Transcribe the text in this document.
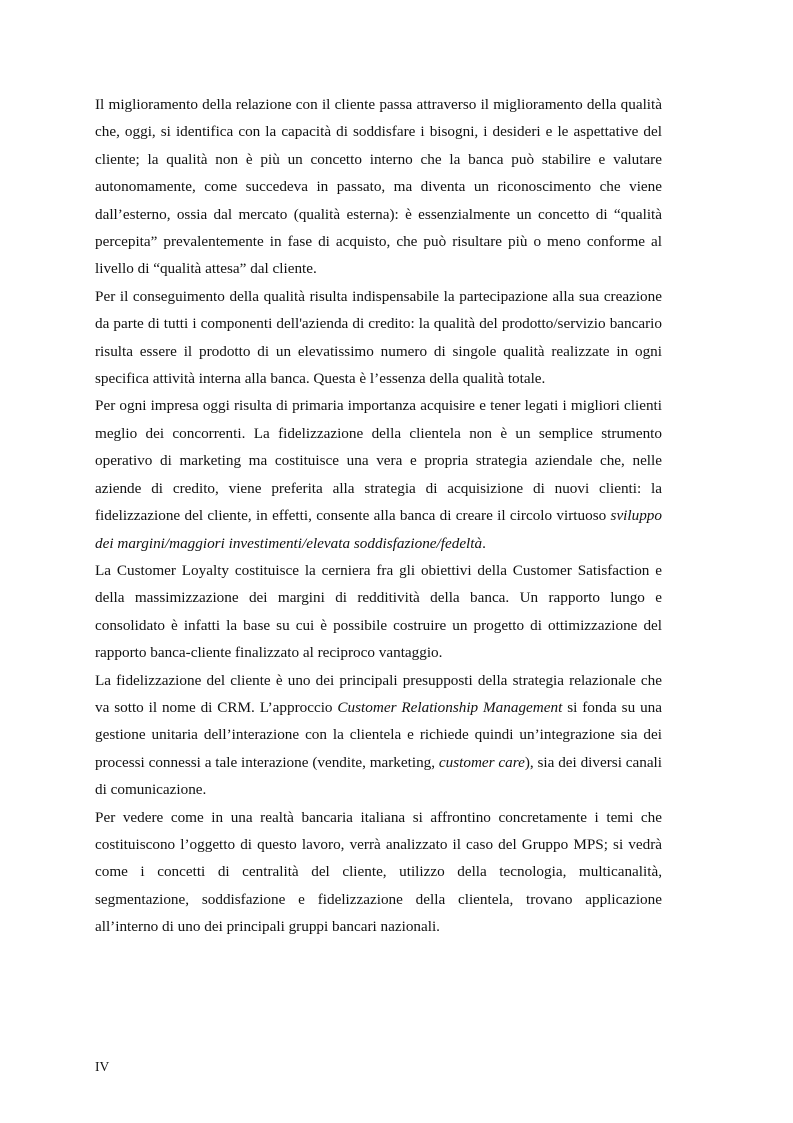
Il miglioramento della relazione con il cliente passa attraverso il miglioramento della qualità che, oggi, si identifica con la capacità di soddisfare i bisogni, i desideri e le aspettative del cliente; la qualità non è più un concetto interno che la banca può stabilire e valutare autonomamente, come succedeva in passato, ma diventa un riconoscimento che viene dall’esterno, ossia dal mercato (qualità esterna): è essenzialmente un concetto di “qualità percepita” prevalentemente in fase di acquisto, che può risultare più o meno conforme al livello di “qualità attesa” dal cliente.

Per il conseguimento della qualità risulta indispensabile la partecipazione alla sua creazione da parte di tutti i componenti dell'azienda di credito: la qualità del prodotto/servizio bancario risulta essere il prodotto di un elevatissimo numero di singole qualità realizzate in ogni specifica attività interna alla banca. Questa è l’essenza della qualità totale.

Per ogni impresa oggi risulta di primaria importanza acquisire e tener legati i migliori clienti meglio dei concorrenti. La fidelizzazione della clientela non è un semplice strumento operativo di marketing ma costituisce una vera e propria strategia aziendale che, nelle aziende di credito, viene preferita alla strategia di acquisizione di nuovi clienti: la fidelizzazione del cliente, in effetti, consente alla banca di creare il circolo virtuoso sviluppo dei margini/maggiori investimenti/elevata soddisfazione/fedeltà.

La Customer Loyalty costituisce la cerniera fra gli obiettivi della Customer Satisfaction e della massimizzazione dei margini di redditività della banca. Un rapporto lungo e consolidato è infatti la base su cui è possibile costruire un progetto di ottimizzazione del rapporto banca-cliente finalizzato al reciproco vantaggio.

La fidelizzazione del cliente è uno dei principali presupposti della strategia relazionale che va sotto il nome di CRM. L’approccio Customer Relationship Management si fonda su una gestione unitaria dell’interazione con la clientela e richiede quindi un’integrazione sia dei processi connessi a tale interazione (vendite, marketing, customer care), sia dei diversi canali di comunicazione.

Per vedere come in una realtà bancaria italiana si affrontino concretamente i temi che costituiscono l’oggetto di questo lavoro, verrà analizzato il caso del Gruppo MPS; si vedrà come i concetti di centralità del cliente, utilizzo della tecnologia, multicanalità, segmentazione, soddisfazione e fidelizzazione della clientela, trovano applicazione all’interno di uno dei principali gruppi bancari nazionali.

IV
